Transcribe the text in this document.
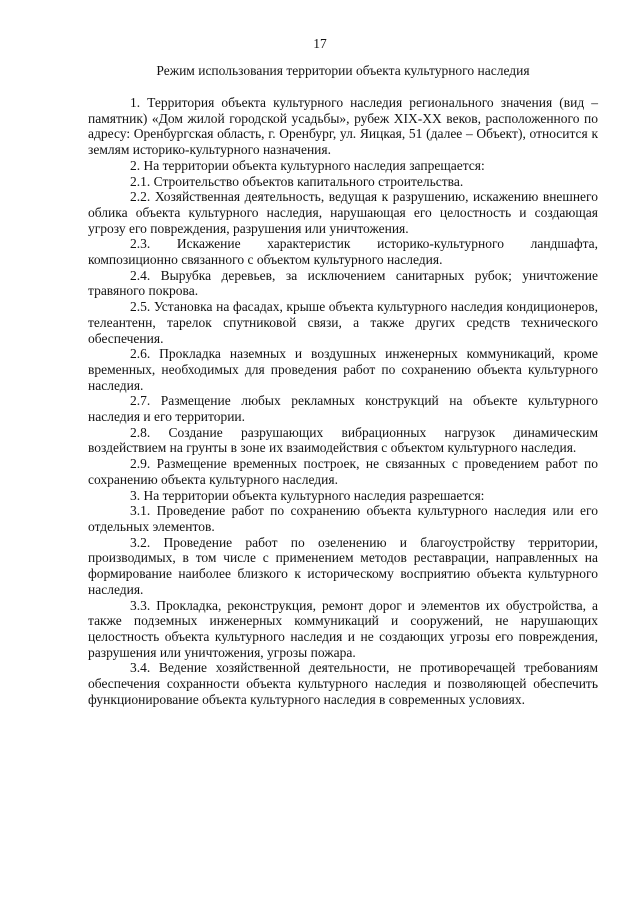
17
Режим использования территории объекта культурного наследия

1. Территория объекта культурного наследия регионального значения (вид – памятник) «Дом жилой городской усадьбы», рубеж XIX-XX веков, расположенного по адресу: Оренбургская область, г. Оренбург, ул. Яицкая, 51 (далее – Объект), относится к землям историко-культурного назначения.

2. На территории объекта культурного наследия запрещается:

2.1. Строительство объектов капитального строительства.

2.2. Хозяйственная деятельность, ведущая к разрушению, искажению внешнего облика объекта культурного наследия, нарушающая его целостность и создающая угрозу его повреждения, разрушения или уничтожения.

2.3. Искажение характеристик историко-культурного ландшафта, композиционно связанного с объектом культурного наследия.

2.4. Вырубка деревьев, за исключением санитарных рубок; уничтожение травяного покрова.

2.5. Установка на фасадах, крыше объекта культурного наследия кондиционеров, телеантенн, тарелок спутниковой связи, а также других средств технического обеспечения.

2.6. Прокладка наземных и воздушных инженерных коммуникаций, кроме временных, необходимых для проведения работ по сохранению объекта культурного наследия.

2.7. Размещение любых рекламных конструкций на объекте культурного наследия и его территории.

2.8. Создание разрушающих вибрационных нагрузок динамическим воздействием на грунты в зоне их взаимодействия с объектом культурного наследия.

2.9. Размещение временных построек, не связанных с проведением работ по сохранению объекта культурного наследия.

3. На территории объекта культурного наследия разрешается:

3.1. Проведение работ по сохранению объекта культурного наследия или его отдельных элементов.

3.2. Проведение работ по озеленению и благоустройству территории, производимых, в том числе с применением методов реставрации, направленных на формирование наиболее близкого к историческому восприятию объекта культурного наследия.

3.3. Прокладка, реконструкция, ремонт дорог и элементов их обустройства, а также подземных инженерных коммуникаций и сооружений, не нарушающих целостность объекта культурного наследия и не создающих угрозы его повреждения, разрушения или уничтожения, угрозы пожара.

3.4. Ведение хозяйственной деятельности, не противоречащей требованиям обеспечения сохранности объекта культурного наследия и позволяющей обеспечить функционирование объекта культурного наследия в современных условиях.
